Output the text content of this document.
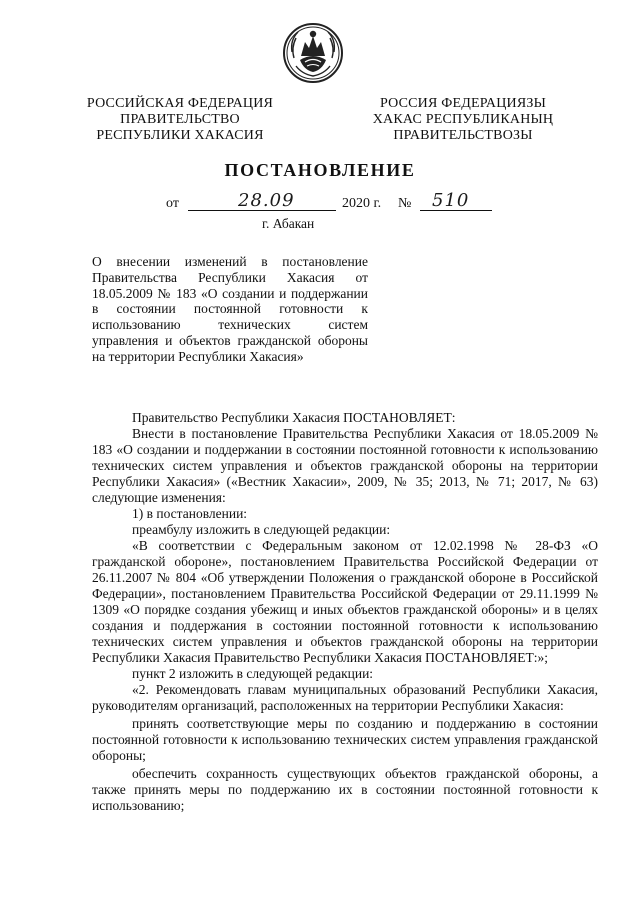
РОССИЙСКАЯ ФЕДЕРАЦИЯ
ПРАВИТЕЛЬСТВО
РЕСПУБЛИКИ ХАКАСИЯ
РОССИЯ ФЕДЕРАЦИЯЗЫ
ХАКАС РЕСПУБЛИКАНЫҢ
ПРАВИТЕЛЬСТВОЗЫ
ПОСТАНОВЛЕНИЕ
от	28.09	2020 г. № 510
г. Абакан
О внесении изменений в постановление Правительства Республики Хакасия от 18.05.2009 № 183 «О создании и поддержании в состоянии постоянной готовности к использованию технических систем управления и объектов гражданской обороны на территории Республики Хакасия»

Правительство Республики Хакасия ПОСТАНОВЛЯЕТ:

Внести в постановление Правительства Республики Хакасия от 18.05.2009 № 183 «О создании и поддержании в состоянии постоянной готовности к использованию технических систем управления и объектов гражданской обороны на территории Республики Хакасия» («Вестник Хакасии», 2009, № 35; 2013, № 71; 2017, № 63) следующие изменения:

1) в постановлении:

преамбулу изложить в следующей редакции:

«В соответствии с Федеральным законом от 12.02.1998 № 28-ФЗ «О гражданской обороне», постановлением Правительства Российской Федерации от 26.11.2007 № 804 «Об утверждении Положения о гражданской обороне в Российской Федерации», постановлением Правительства Российской Федерации от 29.11.1999 № 1309 «О порядке создания убежищ и иных объектов гражданской обороны» и в целях создания и поддержания в состоянии постоянной готовности к использованию технических систем управления и объектов гражданской обороны на территории Республики Хакасия Правительство Республики Хакасия ПОСТАНОВЛЯЕТ:»;

пункт 2 изложить в следующей редакции:

«2. Рекомендовать главам муниципальных образований Республики Хакасия, руководителям организаций, расположенных на территории Республики Хакасия:

принять соответствующие меры по созданию и поддержанию в состоянии постоянной готовности к использованию технических систем управления гражданской обороны;

обеспечить сохранность существующих объектов гражданской обороны, а также принять меры по поддержанию их в состоянии постоянной готовности к использованию;
